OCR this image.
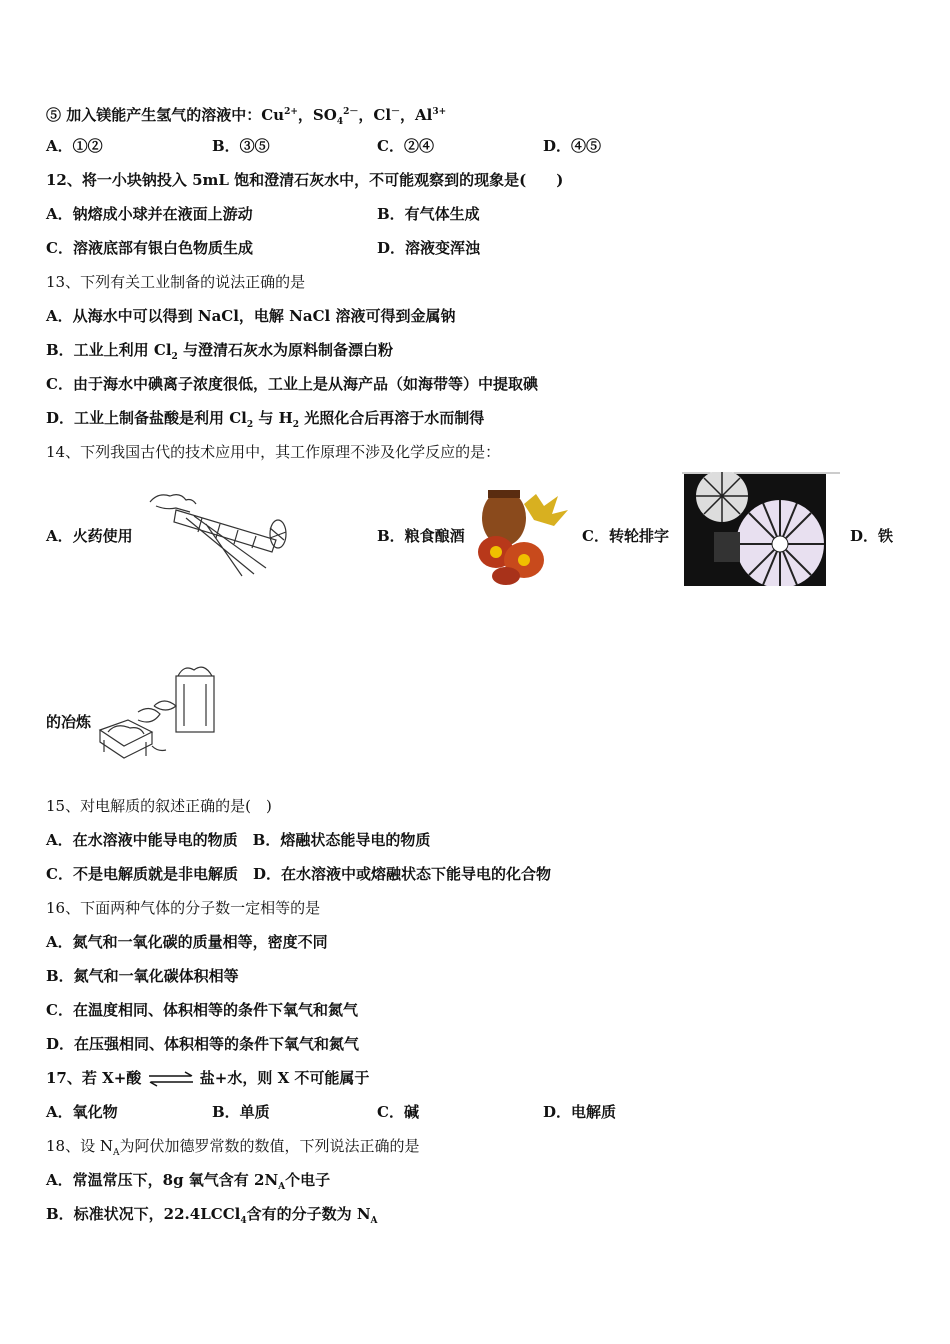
⑤ 加入镁能产生氢气的溶液中：$Cu^{2+}$，$SO_4^{2-}$，Cl－，$Al^{3+}$
A．①②	B．③⑤	C．②④	D．④⑤
12、将一小块钠投入 5mL 饱和澄清石灰水中，不可能观察到的现象是(　　)
A．钠熔成小球并在液面上游动	B．有气体生成
C．溶液底部有银白色物质生成	D．溶液变浑浊
13、下列有关工业制备的说法正确的是
A．从海水中可以得到 NaCl，电解 NaCl 溶液可得到金属钠
B．工业上利用 $Cl_2$ 与澄清石灰水为原料制备漂白粉
C．由于海水中碘离子浓度很低，工业上是从海产品（如海带等）中提取碘
D．工业上制备盐酸是利用 $Cl_2$ 与 $H_2$ 光照化合后再溶于水而制得
14、下列我国古代的技术应用中，其工作原理不涉及化学反应的是：
A．火药使用	B．粮食酿酒	C．转轮排字	D．铁
的冶炼
15、对电解质的叙述正确的是(　)
A．在水溶液中能导电的物质　B．熔融状态能导电的物质
C．不是电解质就是非电解质　D．在水溶液中或熔融状态下能导电的化合物
16、下面两种气体的分子数一定相等的是
A．氮气和一氧化碳的质量相等，密度不同
B．氮气和一氧化碳体积相等
C．在温度相同、体积相等的条件下氧气和氮气
D．在压强相同、体积相等的条件下氧气和氮气
17、若 X+酸 ⇌ 盐+水，则 X 不可能属于
A．氧化物	B．单质	C．碱	D．电解质
18、设 $N_A$为阿伏加德罗常数的数值，下列说法正确的是
A．常温常压下，8g 氧气含有 $2N_A$个电子
B．标准状况下，22.4LCCl$_4$含有的分子数为 $N_A$
